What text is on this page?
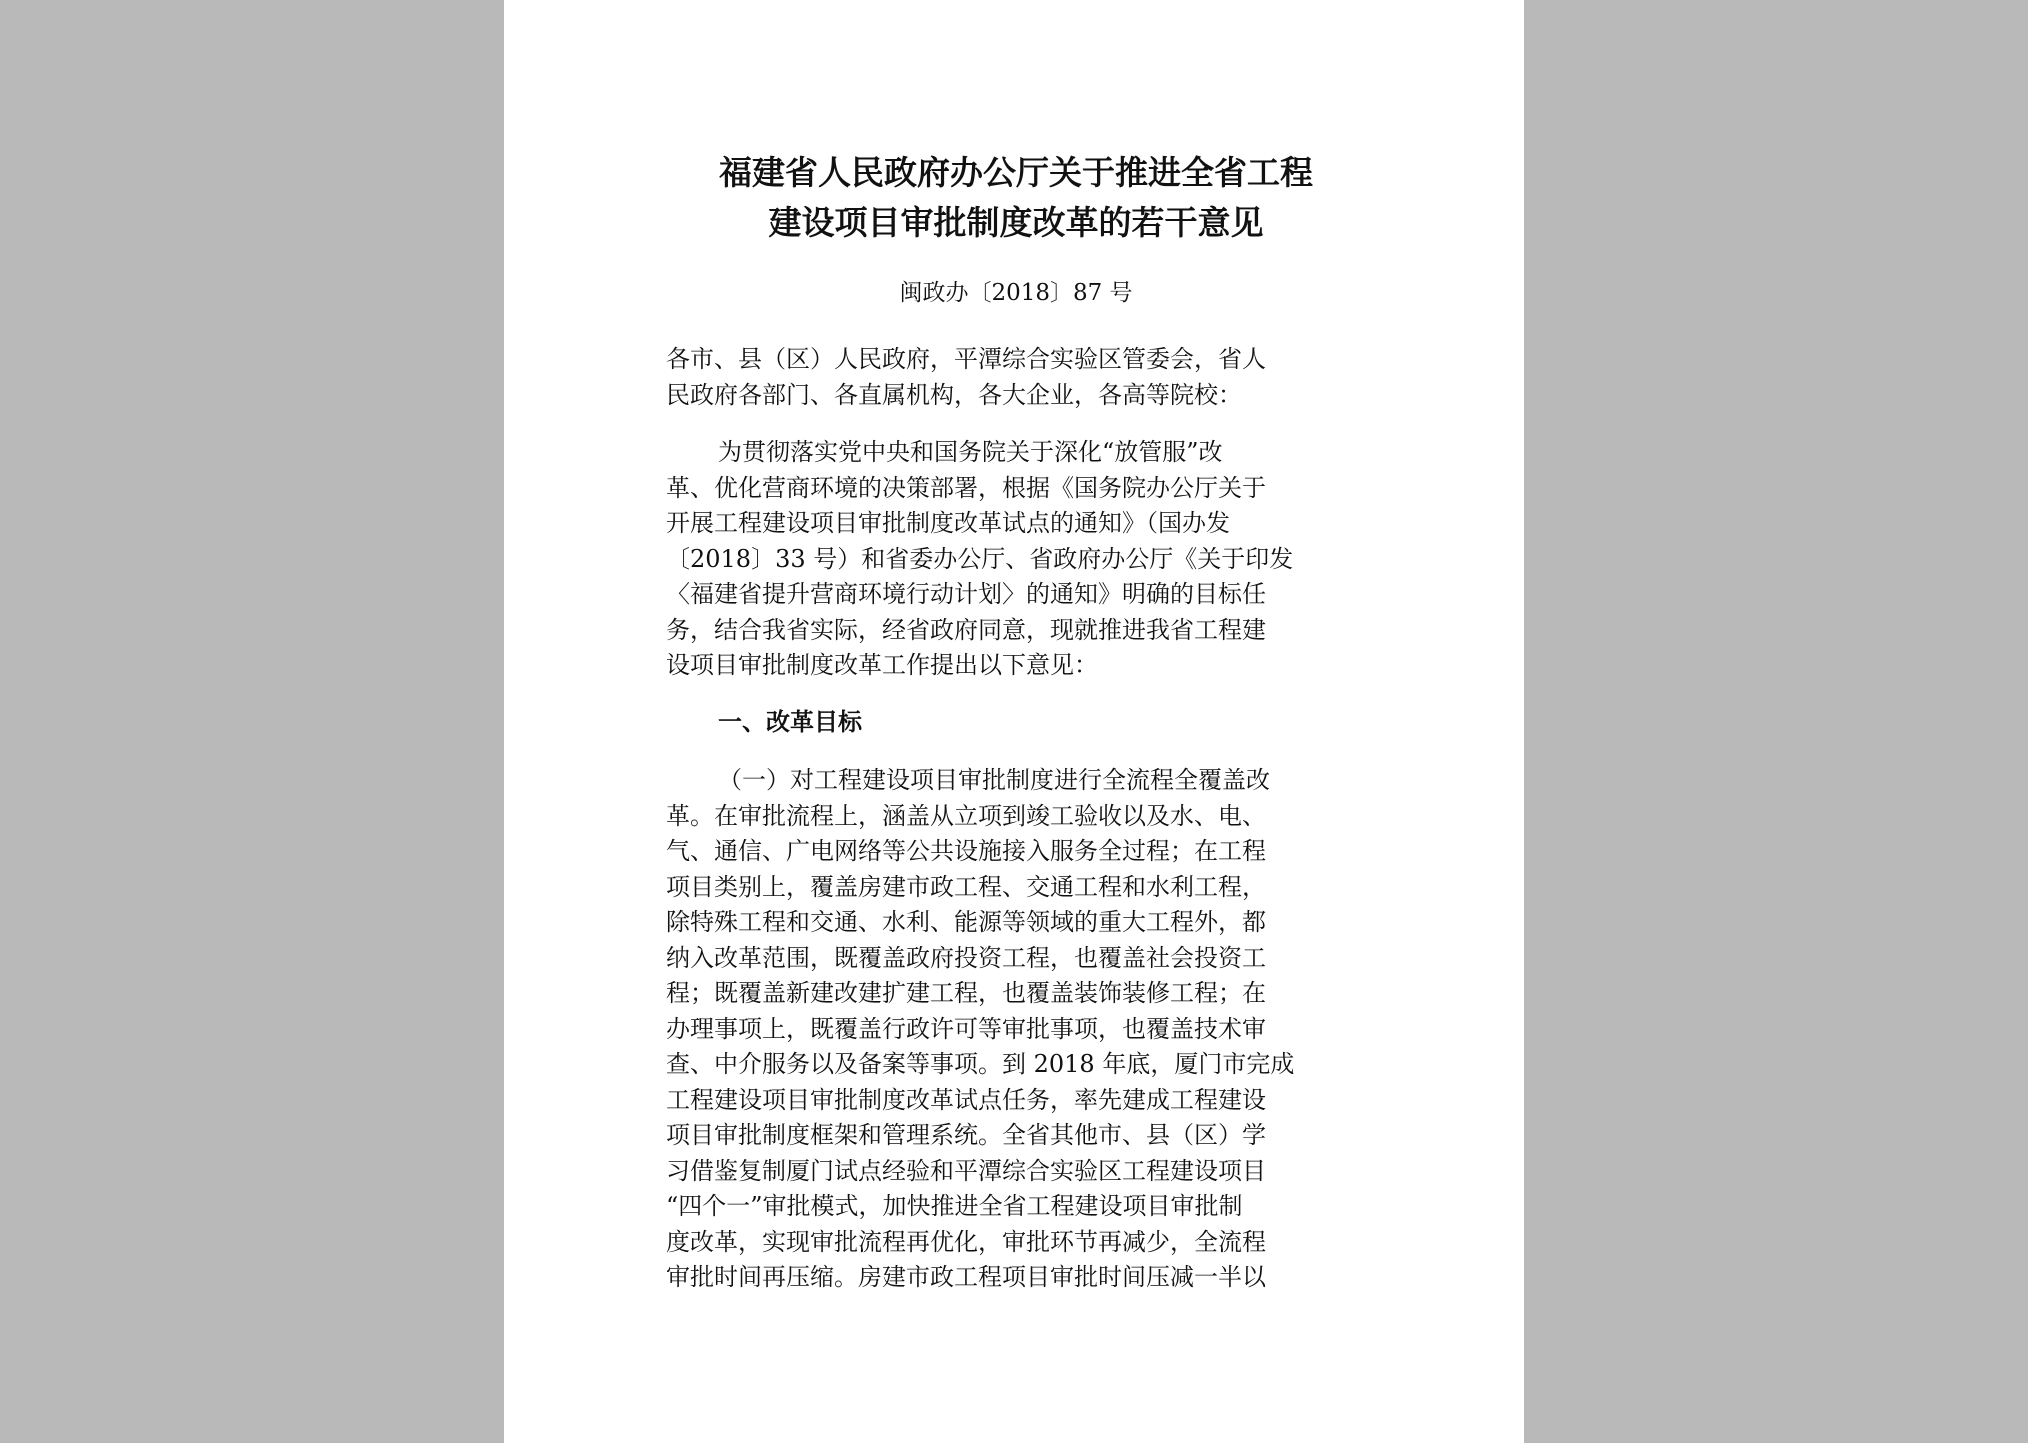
福建省人民政府办公厅关于推进全省工程
建设项目审批制度改革的若干意见
闽政办〔2018〕87 号
各市、县（区）人民政府，平潭综合实验区管委会，省人
民政府各部门、各直属机构，各大企业，各高等院校：
为贯彻落实党中央和国务院关于深化“放管服”改
革、优化营商环境的决策部署，根据《国务院办公厅关于
开展工程建设项目审批制度改革试点的通知》（国办发
〔2018〕33 号）和省委办公厅、省政府办公厅《关于印发
〈福建省提升营商环境行动计划〉的通知》明确的目标任
务，结合我省实际，经省政府同意，现就推进我省工程建
设项目审批制度改革工作提出以下意见：
一、改革目标
（一）对工程建设项目审批制度进行全流程全覆盖改
革。在审批流程上，涵盖从立项到竣工验收以及水、电、
气、通信、广电网络等公共设施接入服务全过程；在工程
项目类别上，覆盖房建市政工程、交通工程和水利工程，
除特殊工程和交通、水利、能源等领域的重大工程外，都
纳入改革范围，既覆盖政府投资工程，也覆盖社会投资工
程；既覆盖新建改建扩建工程，也覆盖装饰装修工程；在
办理事项上，既覆盖行政许可等审批事项，也覆盖技术审
查、中介服务以及备案等事项。到 2018 年底，厦门市完成
工程建设项目审批制度改革试点任务，率先建成工程建设
项目审批制度框架和管理系统。全省其他市、县（区）学
习借鉴复制厦门试点经验和平潭综合实验区工程建设项目
“四个一”审批模式，加快推进全省工程建设项目审批制
度改革，实现审批流程再优化，审批环节再减少，全流程
审批时间再压缩。房建市政工程项目审批时间压减一半以
